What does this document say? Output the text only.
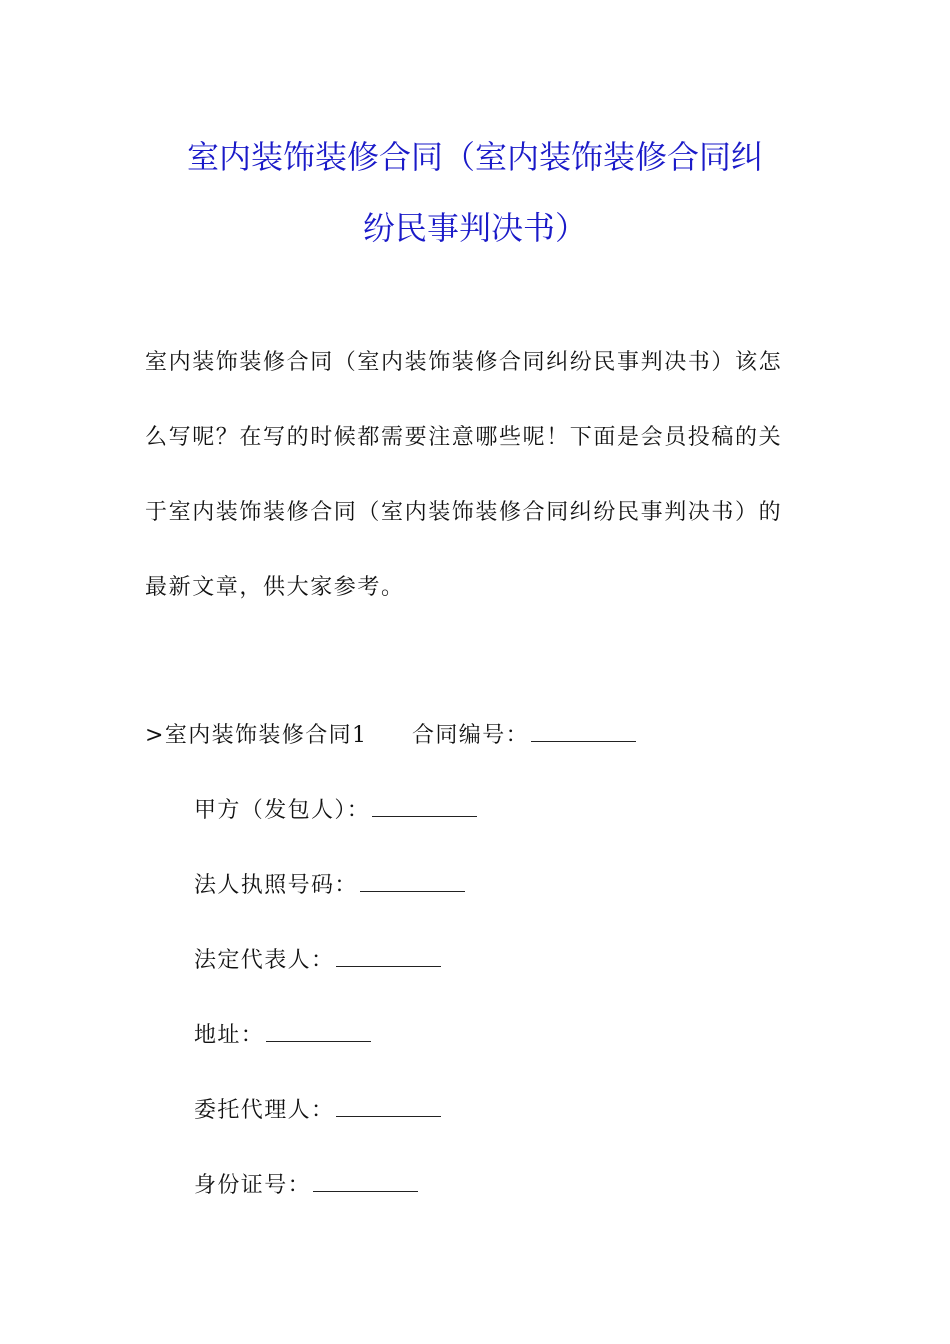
室内装饰装修合同（室内装饰装修合同纠
纷民事判决书）
室内装饰装修合同（室内装饰装修合同纠纷民事判决书）该怎
么写呢？在写的时候都需要注意哪些呢！下面是会员投稿的关
于室内装饰装修合同（室内装饰装修合同纠纷民事判决书）的
最新文章，供大家参考。
>室内装饰装修合同1 合同编号：
甲方（发包人）：
法人执照号码：
法定代表人：
地址：
委托代理人：
身份证号：
